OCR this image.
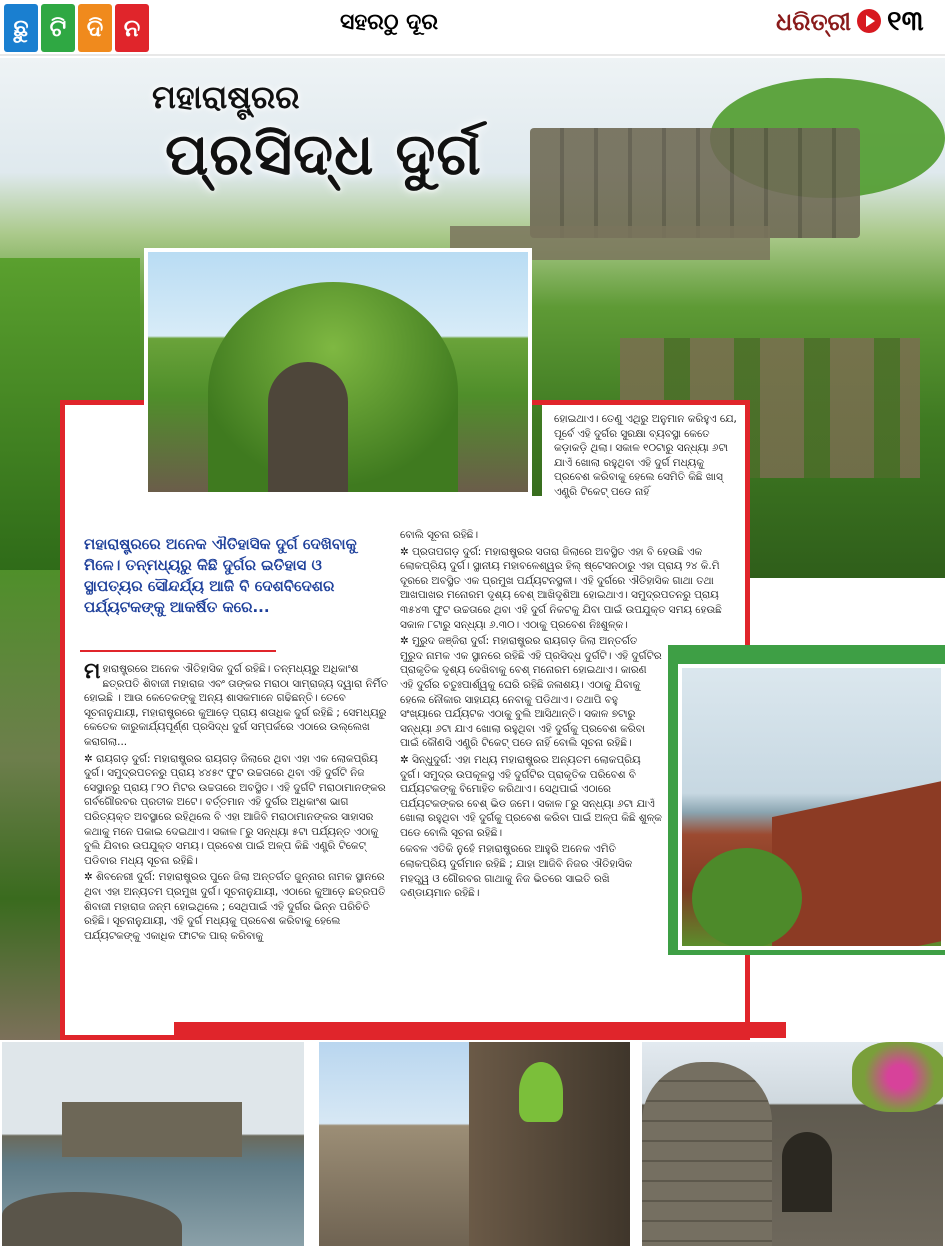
ଛୁ ଟି ଦି ନ	ସହରଠୁ ଦୂର	ଧରିତ୍ରୀ ୧୩
ମହାରାଷ୍ଟ୍ରର
ପ୍ରସିଦ୍ଧ ଦୁର୍ଗ
ମହାରାଷ୍ଟ୍ରରେ ଅନେକ ଐତିହାସିକ ଦୁର୍ଗ ଦେଖିବାକୁ ମିଳେ। ତନ୍ମଧ୍ୟରୁ କିଛି ଦୁର୍ଗର ଇତିହାସ ଓ ସ୍ଥାପତ୍ୟର ସୌନ୍ଦର୍ଯ୍ୟ ଆଜି ବି ଦେଶବିଦେଶର ପର୍ଯ୍ୟଟକଙ୍କୁ ଆକର୍ଷିତ କରେ...

ହୋଇଥାଏ। ତେଣୁ ଏଥିରୁ ଅନୁମାନ କରିହୁଏ ଯେ, ପୂର୍ବେ ଏହି ଦୁର୍ଗର ସୁରକ୍ଷା ବ୍ୟବସ୍ଥା କେତେ କଡ଼ାକଡ଼ି ଥିଲା। ସକାଳ ୧୦ଟାରୁ ସନ୍ଧ୍ୟା ୬ଟା ଯାଏଁ ଖୋଲା ରହୁଥିବା ଏହି ଦୁର୍ଗ ମଧ୍ୟକୁ ପ୍ରବେଶ କରିବାକୁ ହେଲେ ସେମିତି କିଛି ଖାସ୍ ଏଣ୍ଟ୍ରି ଟିକେଟ୍ ପଡେ ନାହିଁ

ମହାରାଷ୍ଟ୍ରରେ ଅନେକ ଐତିହାସିକ ଦୁର୍ଗ ରହିଛି। ତନ୍ମଧ୍ୟରୁ ଅଧିକାଂଶ ଛତ୍ରପତି ଶିବାଜୀ ମହାରାଜ ଏବଂ ତାଙ୍କର ମରାଠା ସାମ୍ରାଜ୍ୟ ଦ୍ୱାରା ନିର୍ମିତ ହୋଇଛି । ଆଉ କେତେକଙ୍କୁ ଅନ୍ୟ ଶାସକମାନେ ଗଢିଛନ୍ତି। ତେବେ ସୂଚନାନୁଯାୟୀ, ମହାରାଷ୍ଟ୍ରରେ କୁଆଡ଼େ ପ୍ରାୟ ଶତାଧିକ ଦୁର୍ଗ ରହିଛି ; ସେମଧ୍ୟରୁ କେତେକ କାରୁକାର୍ଯ୍ୟପୂର୍ଣ୍ଣ ପ୍ରସିଦ୍ଧ ଦୁର୍ଗ ସମ୍ପର୍କରେ ଏଠାରେ ଉଲ୍ଲେଖ କରାଗଲା...

✲ ରାୟଗଡ଼ ଦୁର୍ଗ: ମହାରାଷ୍ଟ୍ରର ରାୟଗଡ଼ ଜିଲାରେ ଥିବା ଏହା ଏକ ଲୋକପ୍ରିୟ ଦୁର୍ଗ। ସମୁଦ୍ରପତନରୁ ପ୍ରାୟ ୪୪୫୯ ଫୁଟ ଉଚ୍ଚତାରେ ଥିବା ଏହି ଦୁର୍ଗଟି ନିଜ ସେସ୍ଥାନରୁ ପ୍ରାୟ ୮୨୦ ମିଟର ଉଚ୍ଚତାରେ ଅବସ୍ଥିତ। ଏହି ଦୁର୍ଗଟି ମରାଠାମାନଙ୍କର ଗର୍ବଗୌରବର ପ୍ରତୀକ ଅଟେ। ବର୍ତ୍ତମାନ ଏହି ଦୁର୍ଗର ଅଧିକାଂଶ ଭାଗ ପରିତ୍ୟକ୍ତ ଅବସ୍ଥାରେ ରହିଥିଲେ ବି ଏହା ଆଜିବି ମରାଠାମାନଙ୍କର ସାହାସର କଥାକୁ ମନେ ପକାଇ ଦେଇଥାଏ। ସକାଳ ୮ରୁ ସନ୍ଧ୍ୟା ୫ଟା ପର୍ଯ୍ୟନ୍ତ ଏଠାକୁ ବୁଲି ଯିବାର ଉପଯୁକ୍ତ ସମୟ। ପ୍ରବେଶ ପାଇଁ ଅଳ୍ପ କିଛି ଏଣ୍ଟ୍ରି ଟିକେଟ୍ ପଡିବାର ମଧ୍ୟ ସୂଚନା ରହିଛି।

✲ ଶିବନେରୀ ଦୁର୍ଗ: ମହାରାଷ୍ଟ୍ରର ପୁନେ ଜିଲା ଅନ୍ତର୍ଗତ ଜୁନ୍ନାର ନାମକ ସ୍ଥାନରେ ଥିବା ଏହା ଅନ୍ୟତମ ପ୍ରମୁଖ ଦୁର୍ଗ। ସୂଚନାନୁଯାୟୀ, ଏଠାରେ କୁଆଡ଼େ ଛତ୍ରପତି ଶିବାଜୀ ମହାରାଜ ଜନ୍ମ ହୋଇଥିଲେ ; ସେଥିପାଇଁ ଏହି ଦୁର୍ଗର ଭିନ୍ନ ପରିଚିତି ରହିଛି। ସୂଚନାନୁଯାୟୀ, ଏହି ଦୁର୍ଗ ମଧ୍ୟକୁ ପ୍ରବେଶ କରିବାକୁ ହେଲେ ପର୍ଯ୍ୟଟକଙ୍କୁ ଏକାଧିକ ଫାଟକ ପାର୍ କରିବାକୁ

ବୋଲି ସୂଚନା ରହିଛି।

✲ ପ୍ରତାପଗଡ଼ ଦୁର୍ଗ: ମହାରାଷ୍ଟ୍ରର ସତାରା ଜିଲାରେ ଅବସ୍ଥିତ ଏହା ବି ହେଉଛି ଏକ ଲୋକପ୍ରିୟ ଦୁର୍ଗ। ସ୍ଥାନୀୟ ମହାବଳେଶ୍ୱର ହିଲ୍ ଷ୍ଟେସନଠାରୁ ଏହା ପ୍ରାୟ ୨୪ କି.ମି ଦୂରରେ ଅବସ୍ଥିତ ଏକ ପ୍ରମୁଖ ପର୍ଯ୍ୟଟନସ୍ଥଳୀ। ଏହି ଦୁର୍ଗରେ ଐତିହାସିକ ଗାଥା ତଥା ଆଖପାଖର ମନୋରମ ଦୃଶ୍ୟ ବେଶ୍ ଆଖିଦୃଶିଆ ହୋଇଥାଏ। ସମୁଦ୍ରପତନରୁ ପ୍ରାୟ ୩୫୪୩ ଫୁଟ ଉଚ୍ଚତାରେ ଥିବା ଏହି ଦୁର୍ଗ ନିକଟକୁ ଯିବା ପାଇଁ ଉପଯୁକ୍ତ ସମୟ ହେଉଛି ସକାଳ ୮ଟାରୁ ସନ୍ଧ୍ୟା ୬.୩୦। ଏଠାକୁ ପ୍ରବେଶ ନିଃଶୁଳ୍କ।

✲ ମୁରୁଦ ଜଞ୍ଜିରା ଦୁର୍ଗ: ମହାରାଷ୍ଟ୍ରର ରାୟଗଡ଼ ଜିଲା ଅନ୍ତର୍ଗତ ମୁରୁଦ ନାମକ ଏକ ସ୍ଥାନରେ ରହିଛି ଏହି ପ୍ରସିଦ୍ଧ ଦୁର୍ଗଟି। ଏହି ଦୁର୍ଗଟିର ପ୍ରାକୃତିକ ଦୃଶ୍ୟ ଦେଖିବାକୁ ବେଶ୍ ମନୋରମ ହୋଇଥାଏ। କାରଣ ଏହି ଦୁର୍ଗର ଚତୁଃପାର୍ଶ୍ୱକୁ ଘେରି ରହିଛି ଜଳାଶୟ। ଏଠାକୁ ଯିବାକୁ ହେଲେ ନୌକାର ସାହାଯ୍ୟ ନେବାକୁ ପଡିଥାଏ। ତଥାପି ବହୁ ସଂଖ୍ୟାରେ ପର୍ଯ୍ୟଟକ ଏଠାକୁ ବୁଲି ଆସିଥାନ୍ତି। ସକାଳ ୭ଟାରୁ ସନ୍ଧ୍ୟା ୬ଟା ଯାଏ ଖୋଲା ରହୁଥିବା ଏହି ଦୁର୍ଗକୁ ପ୍ରବେଶ କରିବା ପାଇଁ କୌଣସି ଏଣ୍ଟ୍ରି ଟିକେଟ୍ ପଡେ ନାହିଁ ବୋଲି ସୂଚନା ରହିଛି।

✲ ସିନ୍ଧୁଦୁର୍ଗ: ଏହା ମଧ୍ୟ ମହାରାଷ୍ଟ୍ରର ଅନ୍ୟତମ ଲୋକପ୍ରିୟ ଦୁର୍ଗ। ସମୁଦ୍ର ଉପକୂଳସ୍ଥ ଏହି ଦୁର୍ଗଟିର ପ୍ରାକୃତିକ ପରିବେଶ ବି ପର୍ଯ୍ୟଟକଙ୍କୁ ବିମୋହିତ କରିଥାଏ। ସେଥିପାଇଁ ଏଠାରେ ପର୍ଯ୍ୟଟକଙ୍କର ବେଶ୍ ଭିଡ ଜମେ। ସକାଳ ୮ରୁ ସନ୍ଧ୍ୟା ୬ଟା ଯାଏଁ ଖୋଲା ରହୁଥିବା ଏହି ଦୁର୍ଗକୁ ପ୍ରବେଶ କରିବା ପାଇଁ ଅଳ୍ପ କିଛି ଶୁଳ୍କ ପଡେ ବୋଲି ସୂଚନା ରହିଛି।

କେବଳ ଏତିକି ନୁହେଁ ମହାରାଷ୍ଟ୍ରରେ ଆହୁରି ଅନେକ ଏମିତି ଲୋକପ୍ରିୟ ଦୁର୍ଗମାନ ରହିଛି ; ଯାହା ଆଜିବି ନିଜର ଐତିହାସିକ ମହତ୍ତ୍ୱ ଓ ଗୌରବର ଗାଥାକୁ ନିଜ ଭିତରେ ସାଇତି ରଖି ଦଣ୍ଡାୟମାନ ରହିଛି।
